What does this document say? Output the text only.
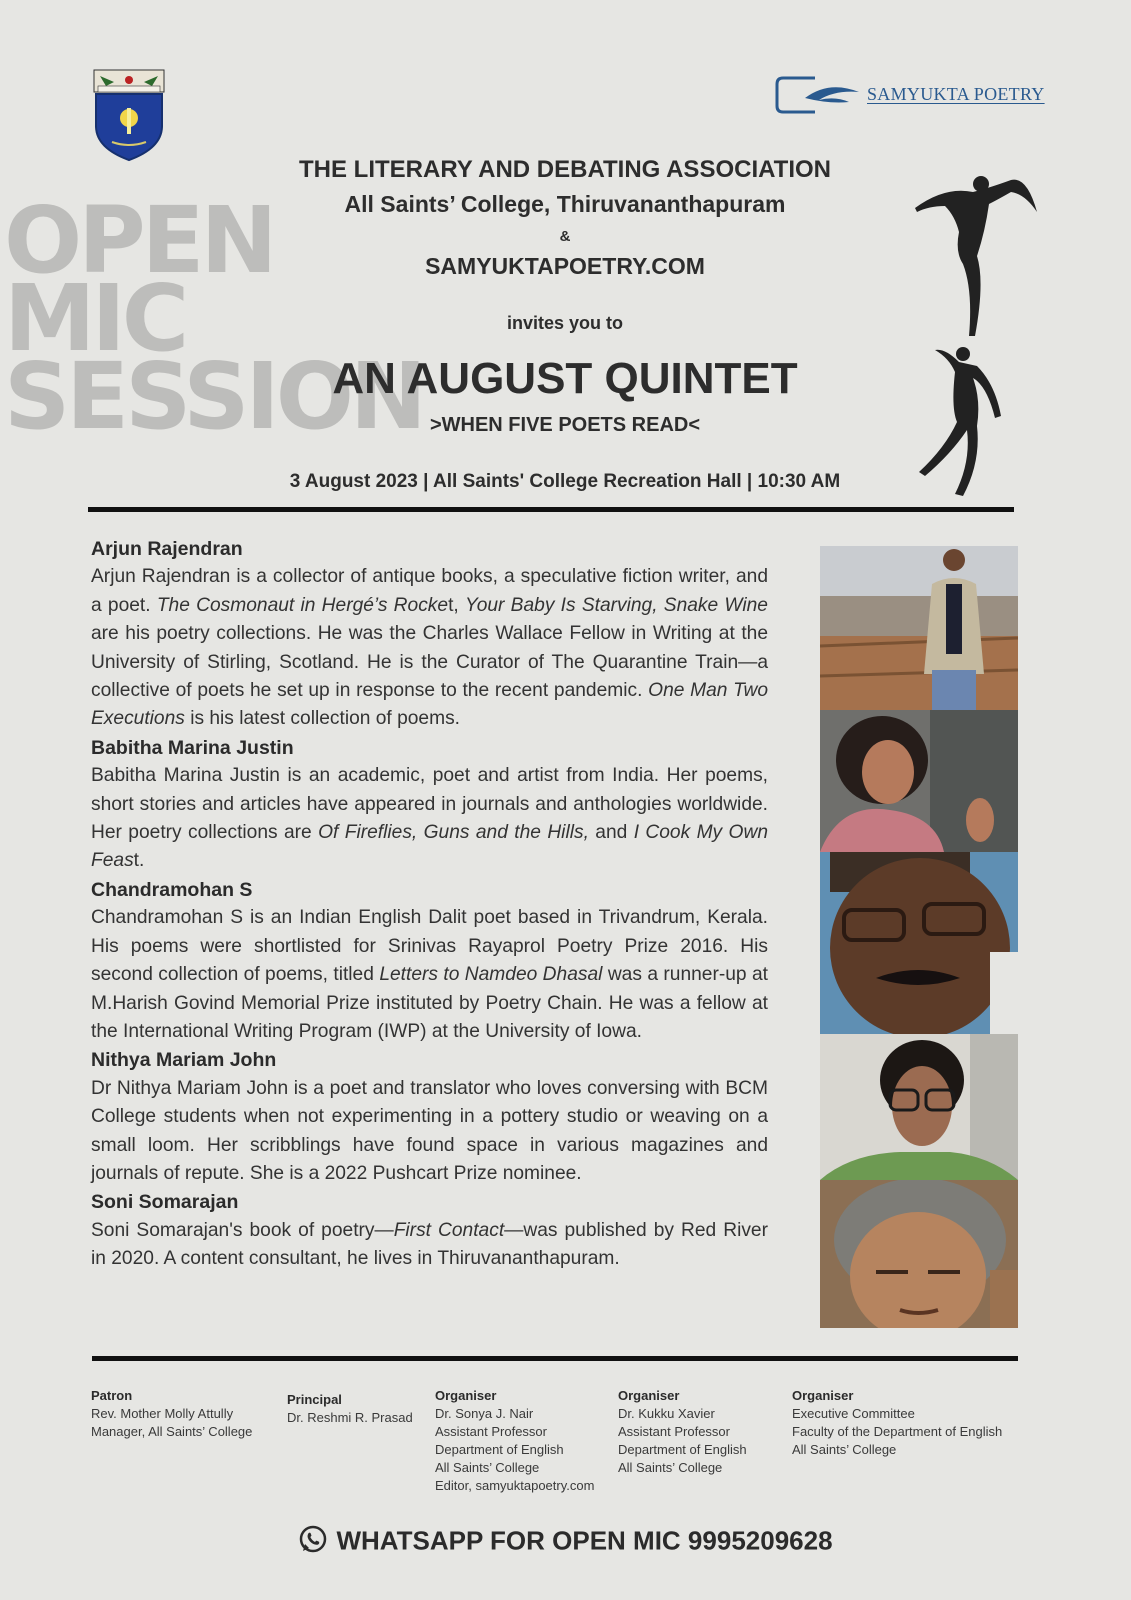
SAMYUKTA POETRY
OPEN
MIC
SESSION
THE LITERARY AND DEBATING ASSOCIATION
All Saints’ College, Thiruvananthapuram
&
SAMYUKTAPOETRY.COM
invites you to
AN AUGUST QUINTET
>WHEN FIVE POETS READ<
3 August 2023 | All Saints' College Recreation Hall | 10:30 AM
Arjun Rajendran

Arjun Rajendran is a collector of antique books, a speculative fiction writer, and a poet. The Cosmonaut in Hergé’s Rocket, Your Baby Is Starving, Snake Wine are his poetry collections. He was the Charles Wallace Fellow in Writing at the University of Stirling, Scotland. He is the Curator of The Quarantine Train—a collective of poets he set up in response to the recent pandemic. One Man Two Executions is his latest collection of poems.

Babitha Marina Justin

Babitha Marina Justin is an academic, poet and artist from India. Her poems, short stories and articles have appeared in journals and anthologies worldwide. Her poetry collections are Of Fireflies, Guns and the Hills, and I Cook My Own Feast.

Chandramohan S

Chandramohan S is an Indian English Dalit poet based in Trivandrum, Kerala. His poems were shortlisted for Srinivas Rayaprol Poetry Prize 2016. His second collection of poems, titled Letters to Namdeo Dhasal was a runner-up at M.Harish Govind Memorial Prize instituted by Poetry Chain. He was a fellow at the International Writing Program (IWP) at the University of Iowa.

Nithya Mariam John

Dr Nithya Mariam John is a poet and translator who loves conversing with BCM College students when not experimenting in a pottery studio or weaving on a small loom. Her scribblings have found space in various magazines and journals of repute. She is a 2022 Pushcart Prize nominee.

Soni Somarajan

Soni Somarajan's book of poetry—First Contact—was published by Red River in 2020. A content consultant, he lives in Thiruvananthapuram.

Patron
Rev. Mother Molly Attully
Manager, All Saints’ College
Principal
Dr. Reshmi R. Prasad
Organiser
Dr. Sonya J. Nair
Assistant Professor
Department of English
All Saints’ College
Editor, samyuktapoetry.com
Organiser
Dr. Kukku Xavier
Assistant Professor
Department of English
All Saints’ College
Organiser
Executive Committee
Faculty of the Department of English
All Saints’ College
WHATSAPP FOR OPEN MIC 9995209628
